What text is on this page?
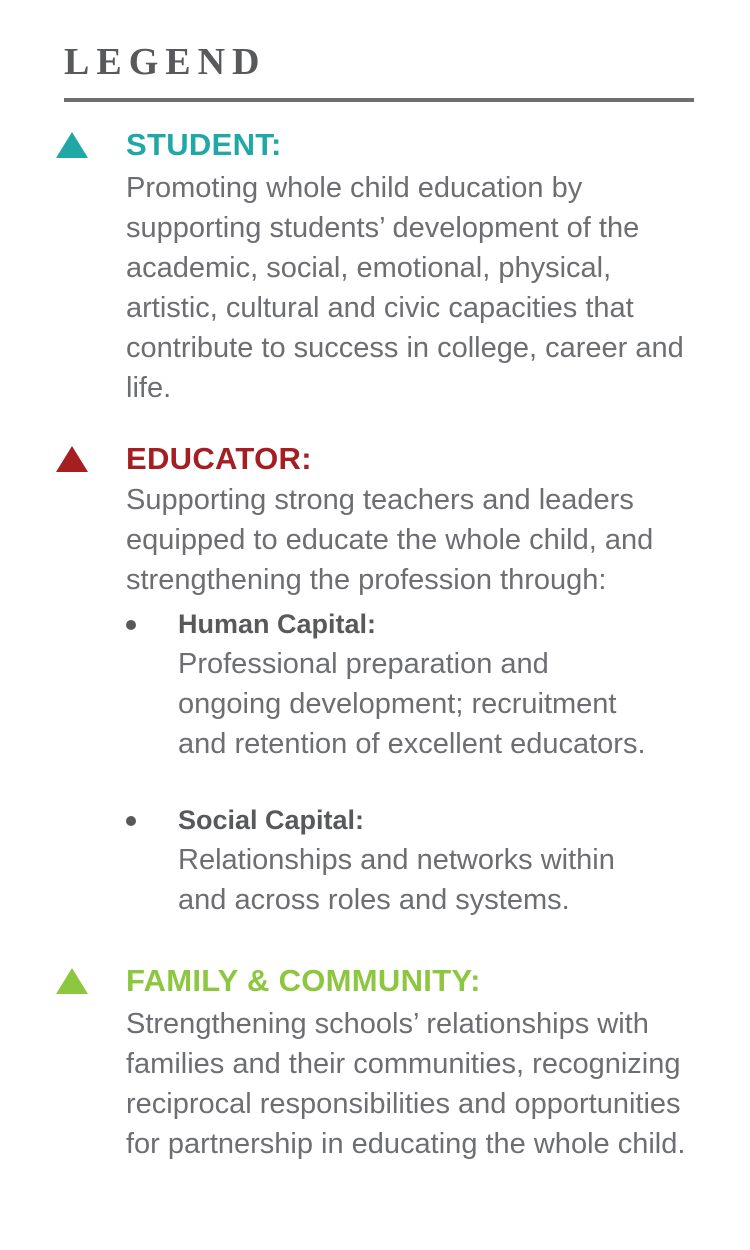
LEGEND
STUDENT:

Promoting whole child education by supporting students’ development of the academic, social, emotional, physical, artistic, cultural and civic capacities that contribute to success in college, career and life.

EDUCATOR:

Supporting strong teachers and leaders equipped to educate the whole child, and strengthening the profession through:

Human Capital:

Professional preparation and ongoing development; recruitment and retention of excellent educators.

Social Capital:

Relationships and networks within and across roles and systems.

FAMILY & COMMUNITY:

Strengthening schools’ relationships with families and their communities, recognizing reciprocal responsibilities and opportunities for partnership in educating the whole child.
